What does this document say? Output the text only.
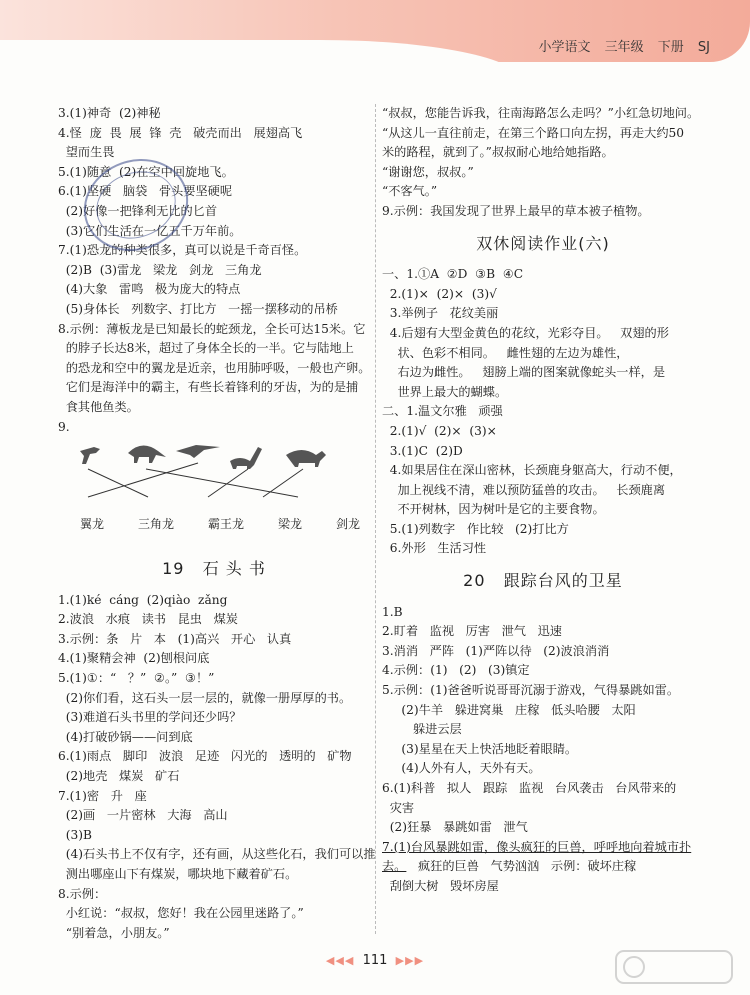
小学语文 三年级 下册 SJ
3.(1)神奇  (2)神秘
4.怪  庞  畏  展  锋  壳   破壳而出   展翅高飞
望而生畏
5.(1)随意  (2)在空中回旋地飞。
6.(1)坚硬   脑袋   骨头要坚硬呢
(2)好像一把锋利无比的匕首
(3)它们生活在一亿五千万年前。
7.(1)恐龙的种类很多，真可以说是千奇百怪。
(2)B  (3)雷龙   梁龙   剑龙   三角龙
(4)大象   雷鸣   极为庞大的特点
(5)身体长   列数字、打比方   一摇一摆移动的吊桥
8.示例：薄板龙是已知最长的蛇颈龙，全长可达15米。它
的脖子长达8米，超过了身体全长的一半。它与陆地上
的恐龙和空中的翼龙是近亲，也用肺呼吸，一般也产卵。
它们是海洋中的霸主，有些长着锋利的牙齿，为的是捕
食其他鱼类。
9.
翼龙	三角龙	霸王龙	梁龙	剑龙
19 石 头 书
1.(1)ké  cáng  (2)qiào  zǎng
2.波浪   水痕   读书   昆虫   煤炭
3.示例：条   片   本   (1)高兴   开心   认真
4.(1)聚精会神  (2)刨根问底
5.(1)①：“   ？”  ②。”  ③！”
(2)你们看，这石头一层一层的，就像一册厚厚的书。
(3)难道石头书里的学问还少吗？
(4)打破砂锅——问到底
6.(1)雨点   脚印   波浪   足迹   闪光的   透明的   矿物
(2)地壳   煤炭   矿石
7.(1)密   升   座
(2)画   一片密林   大海   高山
(3)B
(4)石头书上不仅有字，还有画，从这些化石，我们可以推
测出哪座山下有煤炭，哪块地下藏着矿石。
8.示例：
小红说：“叔叔，您好！我在公园里迷路了。”
“别着急，小朋友。”
“叔叔，您能告诉我，往南海路怎么走吗？”小红急切地问。
“从这儿一直往前走，在第三个路口向左拐，再走大约50
米的路程，就到了。”叔叔耐心地给她指路。
“谢谢您，叔叔。”
“不客气。”
9.示例：我国发现了世界上最早的草本被子植物。
双休阅读作业(六)
一、1.①A  ②D  ③B  ④C
2.(1)×  (2)×  (3)√
3.举例子   花纹美丽
4.后翅有大型金黄色的花纹，光彩夺目。   双翅的形
状、色彩不相同。   雌性翅的左边为雄性，
右边为雌性。   翅膀上端的图案就像蛇头一样，是
世界上最大的蝴蝶。
二、1.温文尔雅   顽强
2.(1)√  (2)×  (3)×
3.(1)C  (2)D
4.如果居住在深山密林，长颈鹿身躯高大，行动不便，
加上视线不清，难以预防猛兽的攻击。   长颈鹿离
不开树林，因为树叶是它的主要食物。
5.(1)列数字   作比较   (2)打比方
6.外形   生活习性
20 跟踪台风的卫星
1.B
2.盯着   监视   厉害   泄气   迅速
3.消消   严阵   (1)严阵以待   (2)波浪消消
4.示例：(1)   (2)   (3)镇定
5.示例：(1)爸爸听说哥哥沉溺于游戏，气得暴跳如雷。
(2)牛羊   躲进窝巢   庄稼   低头哈腰   太阳
躲进云层
(3)星星在天上快活地眨着眼睛。
(4)人外有人，天外有天。
6.(1)科普   拟人   跟踪   监视   台风袭击   台风带来的
灾害
(2)狂暴   暴跳如雷   泄气
7.(1)台风暴跳如雷，像头疯狂的巨兽，呼呼地向着城市扑
去。   疯狂的巨兽   气势汹汹   示例：破坏庄稼
刮倒大树   毁坏房屋
◀◀◀ 111 ▶▶▶
